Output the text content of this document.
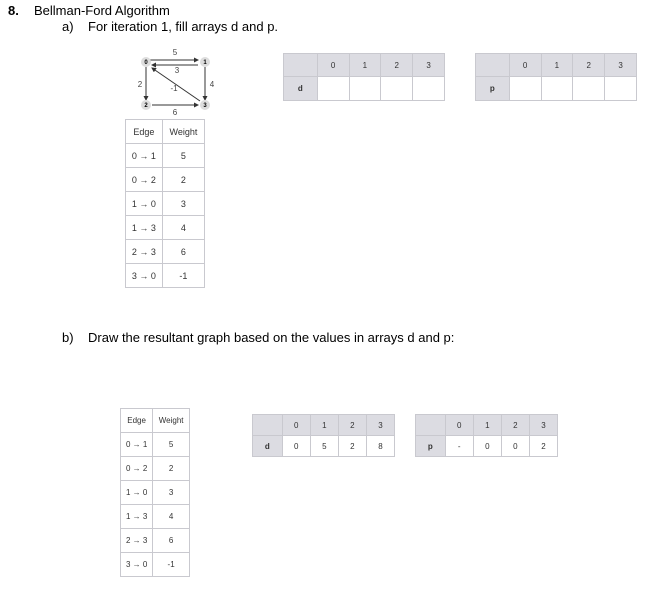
8. Bellman-Ford Algorithm
a) For iteration 1, fill arrays d and p.
0	1
2	3
5
3
2	4
6
-1
Edge	Weight
0 → 1	5
0 → 2	2
1 → 0	3
1 → 3	4
2 → 3	6
3 → 0	-1
	0	1	2	3
d				
	0	1	2	3
p				
b) Draw the resultant graph based on the values in arrays d and p:
Edge	Weight
0 → 1	5
0 → 2	2
1 → 0	3
1 → 3	4
2 → 3	6
3 → 0	-1
	0	1	2	3
d	0	5	2	8
	0	1	2	3
p	-	0	0	2
